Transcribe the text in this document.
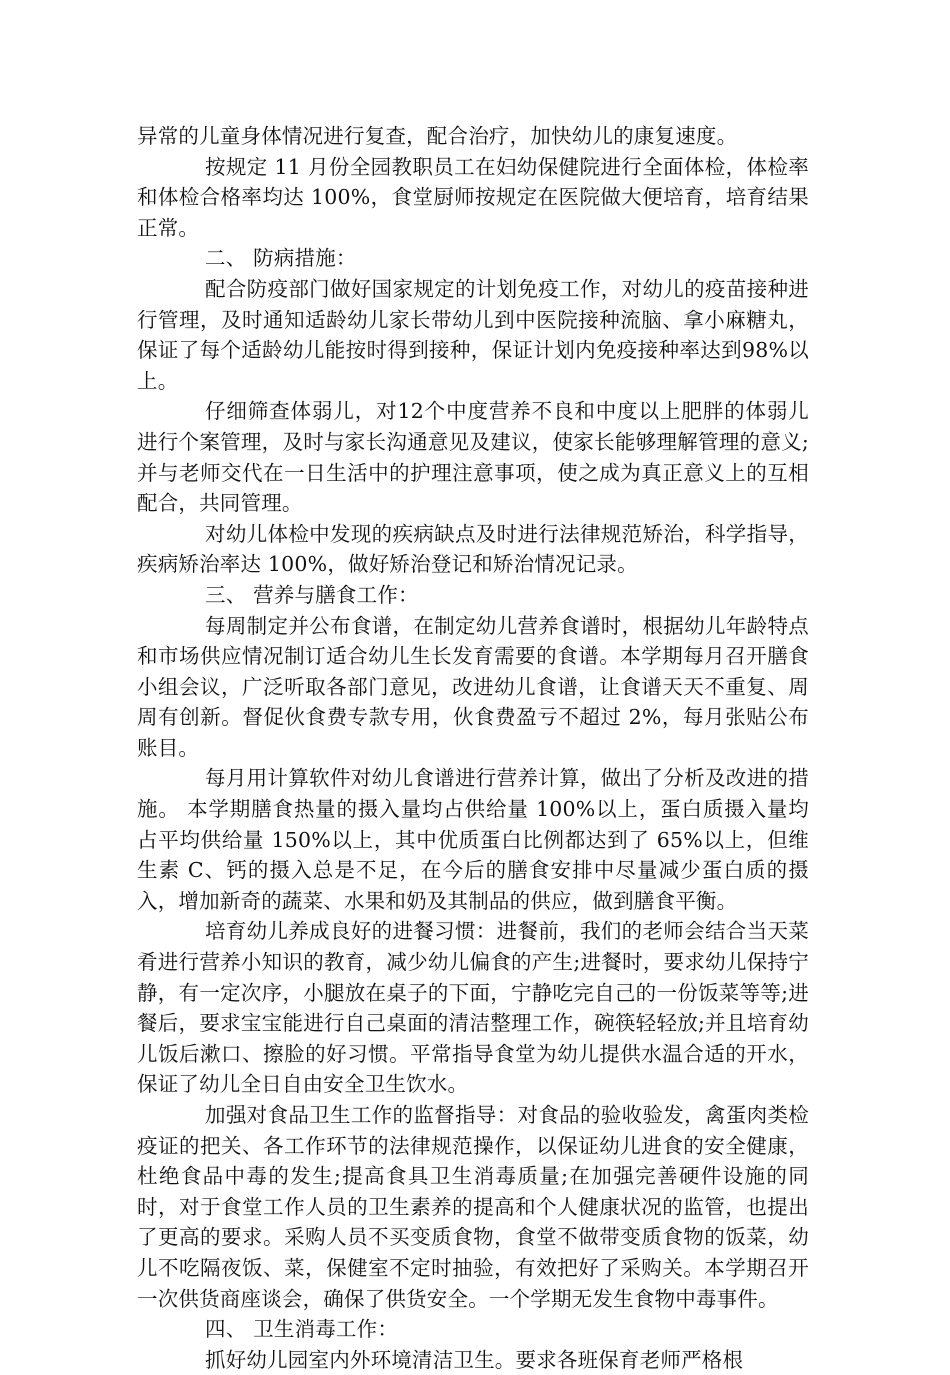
异常的儿童身体情况进行复查，配合治疗，加快幼儿的康复速度。

按规定 11 月份全园教职员工在妇幼保健院进行全面体检，体检率和体检合格率均达 100%，食堂厨师按规定在医院做大便培育，培育结果正常。

二、 防病措施：

配合防疫部门做好国家规定的计划免疫工作，对幼儿的疫苗接种进行管理，及时通知适龄幼儿家长带幼儿到中医院接种流脑、拿小麻糖丸，保证了每个适龄幼儿能按时得到接种，保证计划内免疫接种率达到98%以上。

仔细筛查体弱儿，对12个中度营养不良和中度以上肥胖的体弱儿进行个案管理，及时与家长沟通意见及建议，使家长能够理解管理的意义;并与老师交代在一日生活中的护理注意事项，使之成为真正意义上的互相配合，共同管理。

对幼儿体检中发现的疾病缺点及时进行法律规范矫治，科学指导，疾病矫治率达 100%，做好矫治登记和矫治情况记录。

三、 营养与膳食工作：

每周制定并公布食谱，在制定幼儿营养食谱时，根据幼儿年龄特点和市场供应情况制订适合幼儿生长发育需要的食谱。本学期每月召开膳食小组会议，广泛听取各部门意见，改进幼儿食谱，让食谱天天不重复、周周有创新。督促伙食费专款专用，伙食费盈亏不超过 2%，每月张贴公布账目。

每月用计算软件对幼儿食谱进行营养计算，做出了分析及改进的措施。 本学期膳食热量的摄入量均占供给量 100%以上，蛋白质摄入量均占平均供给量 150%以上，其中优质蛋白比例都达到了 65%以上，但维生素 C、钙的摄入总是不足，在今后的膳食安排中尽量减少蛋白质的摄入，增加新奇的蔬菜、水果和奶及其制品的供应，做到膳食平衡。

培育幼儿养成良好的进餐习惯：进餐前，我们的老师会结合当天菜肴进行营养小知识的教育，减少幼儿偏食的产生;进餐时，要求幼儿保持宁静，有一定次序，小腿放在桌子的下面，宁静吃完自己的一份饭菜等等;进餐后，要求宝宝能进行自己桌面的清洁整理工作，碗筷轻轻放;并且培育幼儿饭后漱口、擦脸的好习惯。平常指导食堂为幼儿提供水温合适的开水，保证了幼儿全日自由安全卫生饮水。

加强对食品卫生工作的监督指导：对食品的验收验发，禽蛋肉类检疫证的把关、各工作环节的法律规范操作，以保证幼儿进食的安全健康，杜绝食品中毒的发生;提高食具卫生消毒质量;在加强完善硬件设施的同时，对于食堂工作人员的卫生素养的提高和个人健康状况的监管，也提出了更高的要求。采购人员不买变质食物，食堂不做带变质食物的饭菜，幼儿不吃隔夜饭、菜，保健室不定时抽验，有效把好了采购关。本学期召开一次供货商座谈会，确保了供货安全。一个学期无发生食物中毒事件。

四、 卫生消毒工作：

抓好幼儿园室内外环境清洁卫生。要求各班保育老师严格根
